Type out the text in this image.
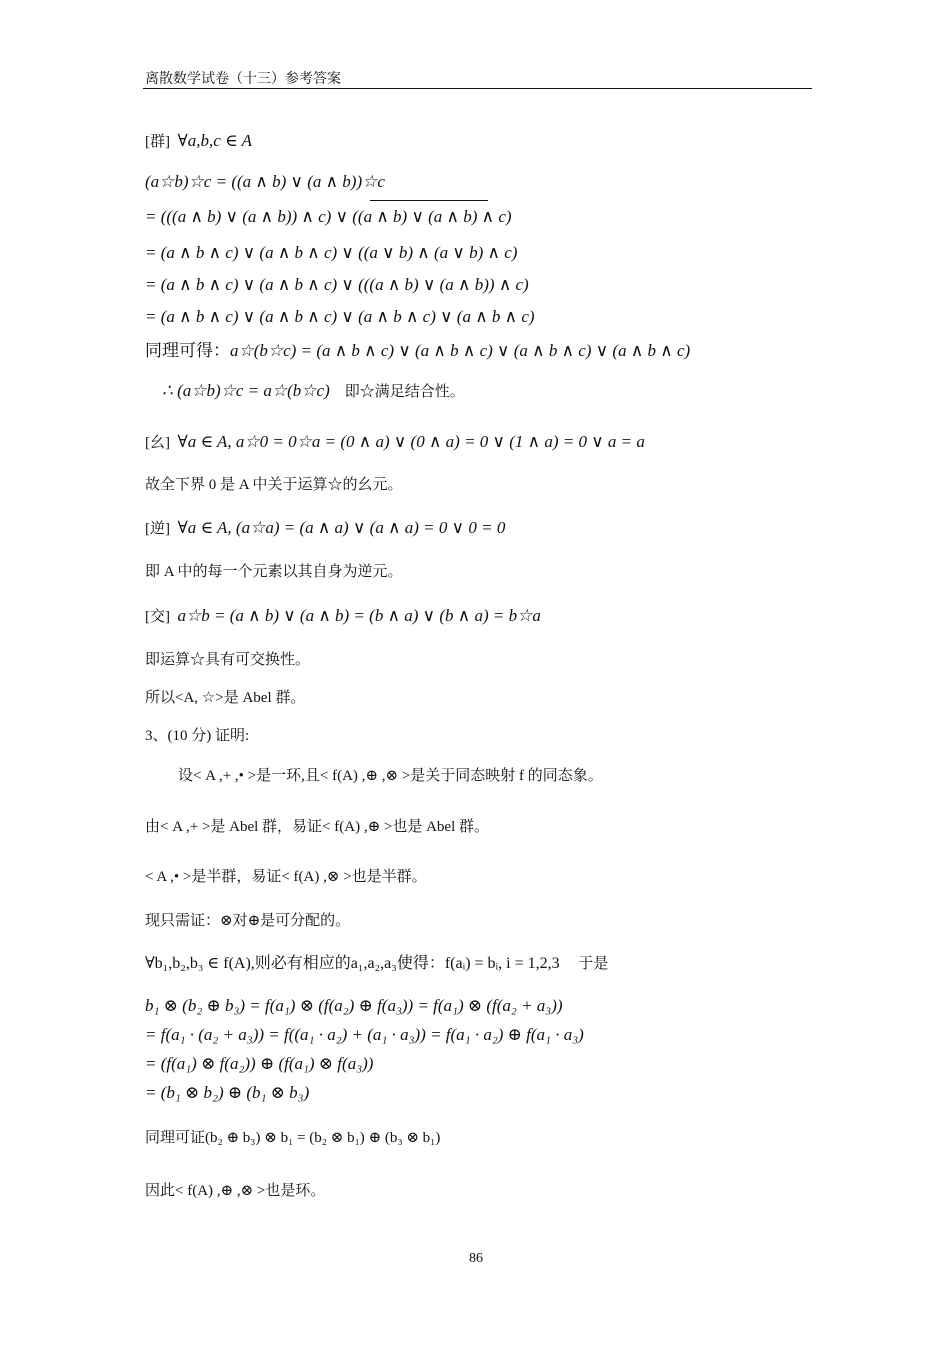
离散数学试卷（十三）参考答案
[群] ∀a,b,c ∈ A
(a☆b)☆c = ((a ∧ b) ∨ (a ∧ b))☆c
= (((a ∧ b) ∨ (a ∧ b)) ∧ c) ∨ ((a ∧ b) ∨ (a ∧ b) ∧ c)
= (a ∧ b ∧ c) ∨ (a ∧ b ∧ c) ∨ ((a ∨ b) ∧ (a ∨ b) ∧ c)
= (a ∧ b ∧ c) ∨ (a ∧ b ∧ c) ∨ (((a ∧ b) ∨ (a ∧ b)) ∧ c)
= (a ∧ b ∧ c) ∨ (a ∧ b ∧ c) ∨ (a ∧ b ∧ c) ∨ (a ∧ b ∧ c)
同理可得：a☆(b☆c) = (a ∧ b ∧ c) ∨ (a ∧ b ∧ c) ∨ (a ∧ b ∧ c) ∨ (a ∧ b ∧ c)
∴ (a☆b)☆c = a☆(b☆c) 即☆满足结合性。
[幺] ∀a ∈ A, a☆0 = 0☆a = (0 ∧ a) ∨ (0 ∧ a) = 0 ∨ (1 ∧ a) = 0 ∨ a = a
故全下界 0 是 A 中关于运算☆的幺元。
[逆] ∀a ∈ A, (a☆a) = (a ∧ a) ∨ (a ∧ a) = 0 ∨ 0 = 0
即 A 中的每一个元素以其自身为逆元。
[交] a☆b = (a ∧ b) ∨ (a ∧ b) = (b ∧ a) ∨ (b ∧ a) = b☆a
即运算☆具有可交换性。
所以<A, ☆>是 Abel 群。
3、(10 分) 证明:
设< A ,+ ,• >是一环,且< f(A) ,⊕ ,⊗ >是关于同态映射 f 的同态象。
由< A ,+ >是 Abel 群，易证< f(A) ,⊕ >也是 Abel 群。
< A ,• >是半群，易证< f(A) ,⊗ >也是半群。
现只需证：⊗对⊕是可分配的。
∀b₁,b₂,b₃ ∈ f(A),则必有相应的a₁,a₂,a₃使得：f(aᵢ) = bᵢ, i = 1,2,3 于是
b₁ ⊗ (b₂ ⊕ b₃) = f(a₁) ⊗ (f(a₂) ⊕ f(a₃)) = f(a₁) ⊗ (f(a₂ + a₃))
= f(a₁ · (a₂ + a₃)) = f((a₁ · a₂) + (a₁ · a₃)) = f(a₁ · a₂) ⊕ f(a₁ · a₃)
= (f(a₁) ⊗ f(a₂)) ⊕ (f(a₁) ⊗ f(a₃))
= (b₁ ⊗ b₂) ⊕ (b₁ ⊗ b₃)
同理可证(b₂ ⊕ b₃) ⊗ b₁ = (b₂ ⊗ b₁) ⊕ (b₃ ⊗ b₁)
因此< f(A) ,⊕ ,⊗ >也是环。
86
